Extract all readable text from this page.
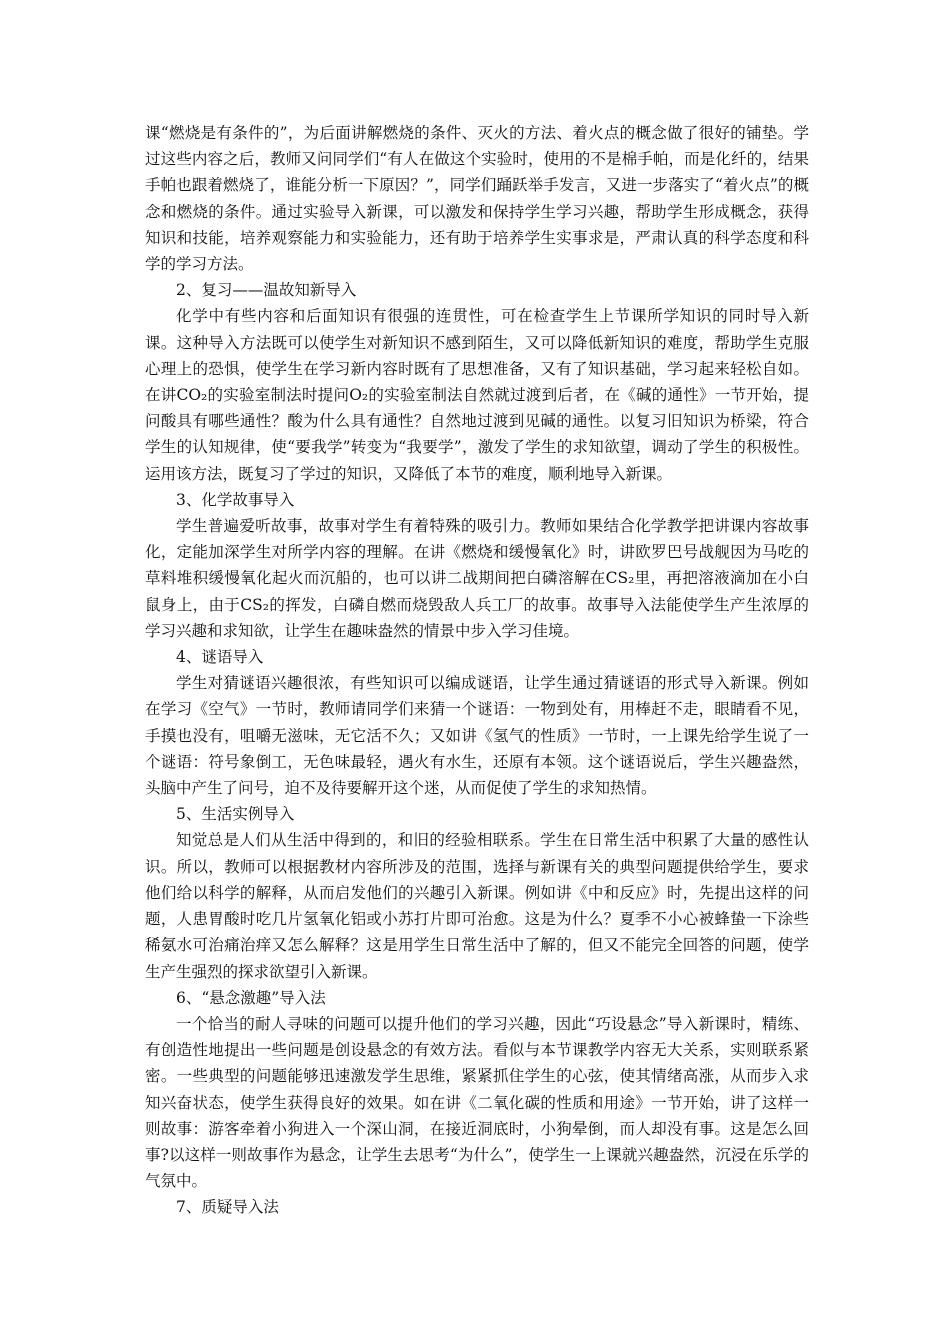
课“燃烧是有条件的”，为后面讲解燃烧的条件、灭火的方法、着火点的概念做了很好的铺垫。学过这些内容之后，教师又问同学们“有人在做这个实验时，使用的不是棉手帕，而是化纤的，结果手帕也跟着燃烧了，谁能分析一下原因？”，同学们踊跃举手发言，又进一步落实了“着火点”的概念和燃烧的条件。通过实验导入新课，可以激发和保持学生学习兴趣，帮助学生形成概念，获得知识和技能，培养观察能力和实验能力，还有助于培养学生实事求是，严肃认真的科学态度和科学的学习方法。

2、复习——温故知新导入

化学中有些内容和后面知识有很强的连贯性，可在检查学生上节课所学知识的同时导入新课。这种导入方法既可以使学生对新知识不感到陌生，又可以降低新知识的难度，帮助学生克服心理上的恐惧，使学生在学习新内容时既有了思想准备，又有了知识基础，学习起来轻松自如。在讲CO₂的实验室制法时提问O₂的实验室制法自然就过渡到后者，在《碱的通性》一节开始，提问酸具有哪些通性？酸为什么具有通性？自然地过渡到见碱的通性。以复习旧知识为桥梁，符合学生的认知规律，使“要我学”转变为“我要学”，激发了学生的求知欲望，调动了学生的积极性。运用该方法，既复习了学过的知识，又降低了本节的难度，顺利地导入新课。

3、化学故事导入

学生普遍爱听故事，故事对学生有着特殊的吸引力。教师如果结合化学教学把讲课内容故事化，定能加深学生对所学内容的理解。在讲《燃烧和缓慢氧化》时，讲欧罗巴号战舰因为马吃的草料堆积缓慢氧化起火而沉船的，也可以讲二战期间把白磷溶解在CS₂里，再把溶液滴加在小白鼠身上，由于CS₂的挥发，白磷自燃而烧毁敌人兵工厂的故事。故事导入法能使学生产生浓厚的学习兴趣和求知欲，让学生在趣味盎然的情景中步入学习佳境。

4、谜语导入

学生对猜谜语兴趣很浓，有些知识可以编成谜语，让学生通过猜谜语的形式导入新课。例如在学习《空气》一节时，教师请同学们来猜一个谜语：一物到处有，用棒赶不走，眼睛看不见，手摸也没有，咀嚼无滋味，无它活不久；又如讲《氢气的性质》一节时，一上课先给学生说了一个谜语：符号象倒工，无色味最轻，遇火有水生，还原有本领。这个谜语说后，学生兴趣盎然，头脑中产生了问号，迫不及待要解开这个迷，从而促使了学生的求知热情。

5、生活实例导入

知觉总是人们从生活中得到的，和旧的经验相联系。学生在日常生活中积累了大量的感性认识。所以，教师可以根据教材内容所涉及的范围，选择与新课有关的典型问题提供给学生，要求他们给以科学的解释，从而启发他们的兴趣引入新课。例如讲《中和反应》时，先提出这样的问题，人患胃酸时吃几片氢氧化铝或小苏打片即可治愈。这是为什么？夏季不小心被蜂蛰一下涂些稀氨水可治痛治痒又怎么解释？这是用学生日常生活中了解的，但又不能完全回答的问题，使学生产生强烈的探求欲望引入新课。

6、“悬念激趣”导入法

一个恰当的耐人寻味的问题可以提升他们的学习兴趣，因此“巧设悬念”导入新课时，精练、有创造性地提出一些问题是创设悬念的有效方法。看似与本节课教学内容无大关系，实则联系紧密。一些典型的问题能够迅速激发学生思维，紧紧抓住学生的心弦，使其情绪高涨，从而步入求知兴奋状态，使学生获得良好的效果。如在讲《二氧化碳的性质和用途》一节开始，讲了这样一则故事：游客牵着小狗进入一个深山洞，在接近洞底时，小狗晕倒，而人却没有事。这是怎么回事?以这样一则故事作为悬念，让学生去思考“为什么”，使学生一上课就兴趣盎然，沉浸在乐学的气氛中。

7、质疑导入法
